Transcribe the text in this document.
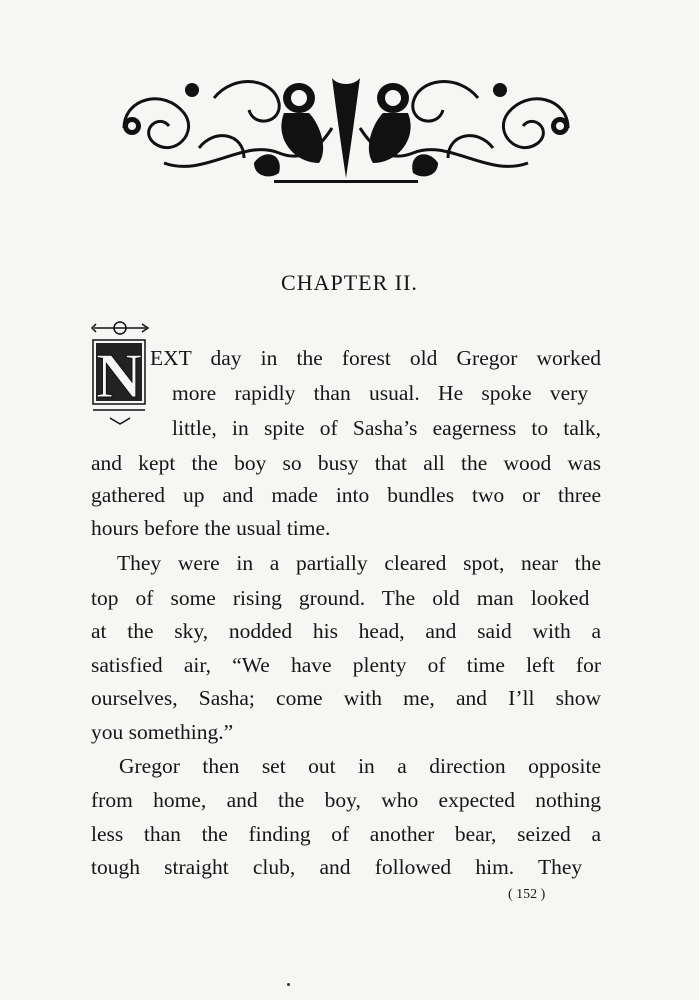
CHAPTER II.
N EXT day in the forest old Gregor worked
more rapidly than usual. He spoke very
little, in spite of Sasha’s eagerness to talk,
and kept the boy so busy that all the wood was
gathered up and made into bundles two or three
hours before the usual time.
They were in a partially cleared spot, near the
top of some rising ground. The old man looked
at the sky, nodded his head, and said with a
satisfied air, “We have plenty of time left for
ourselves, Sasha; come with me, and I’ll show
you something.”
Gregor then set out in a direction opposite
from home, and the boy, who expected nothing
less than the finding of another bear, seized a
tough straight club, and followed him. They
( 152 )
